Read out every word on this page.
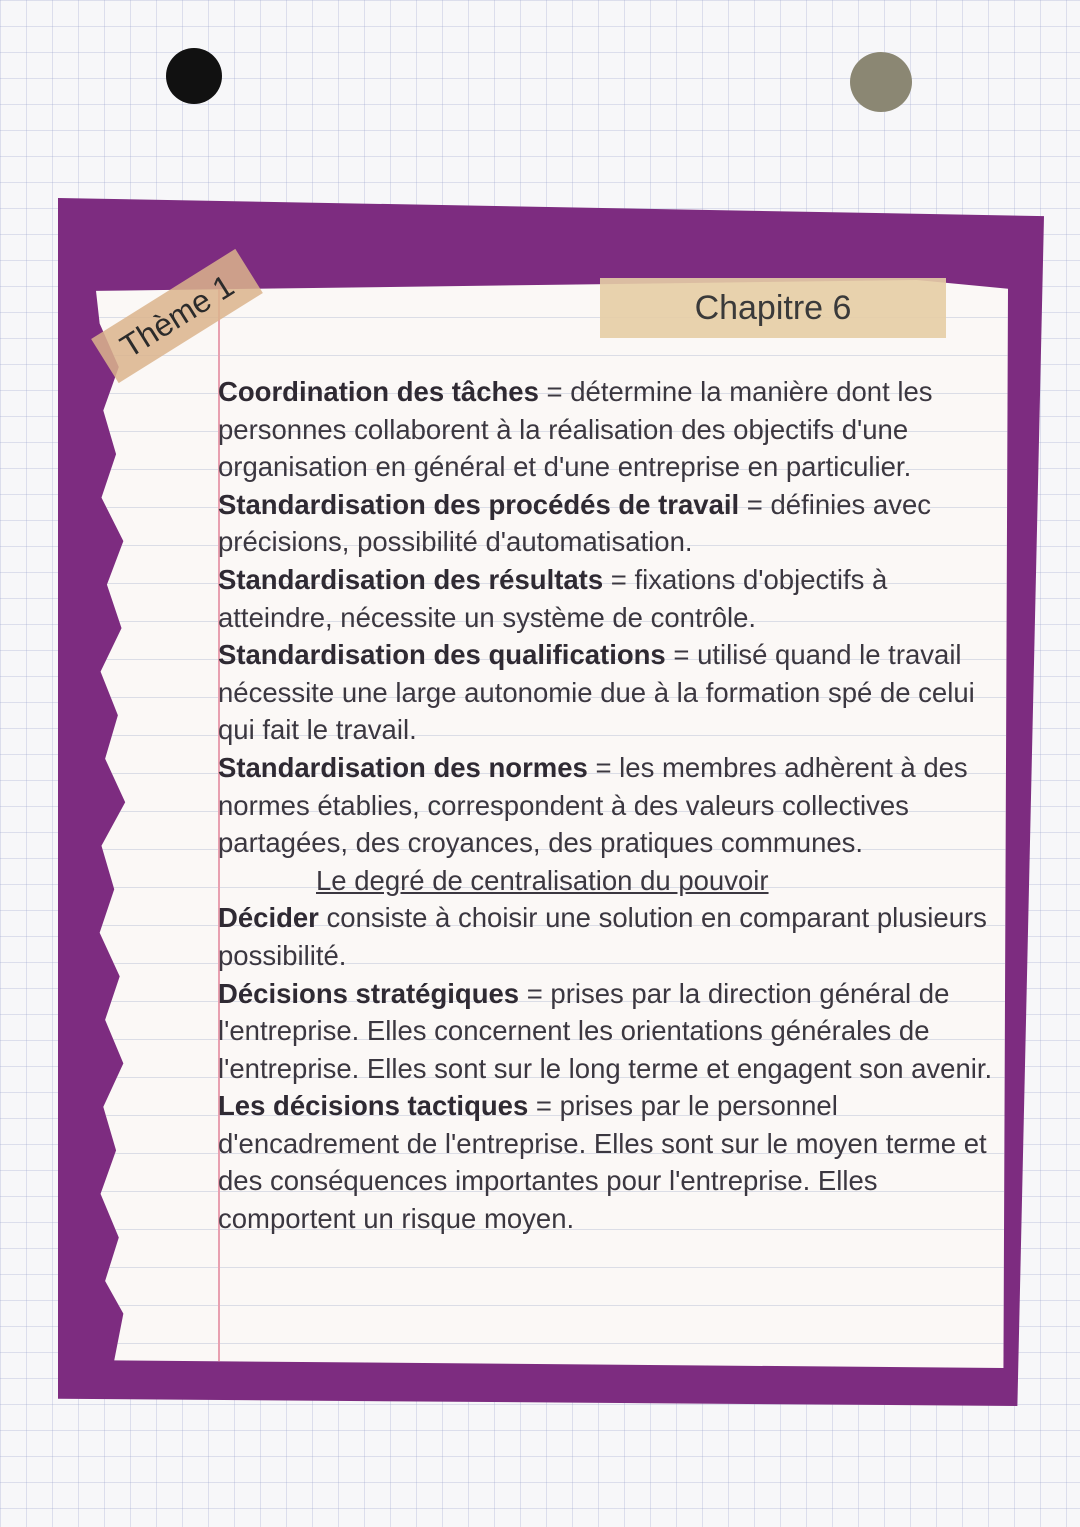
Thème 1	Chapitre 6

Coordination des tâches = détermine la manière dont les personnes collaborent à la réalisation des objectifs d'une organisation en général et d'une entreprise en particulier.

Standardisation des procédés de travail = définies avec précisions, possibilité d'automatisation.

Standardisation des résultats = fixations d'objectifs à atteindre, nécessite un système de contrôle.

Standardisation des qualifications = utilisé quand le travail nécessite une large autonomie due à la formation spé de celui qui fait le travail.

Standardisation des normes = les membres adhèrent à des normes établies, correspondent à des valeurs collectives partagées, des croyances, des pratiques communes.

Le degré de centralisation du pouvoir

Décider consiste à choisir une solution en comparant plusieurs possibilité.

Décisions stratégiques = prises par la direction général de l'entreprise. Elles concernent les orientations générales de l'entreprise. Elles sont sur le long terme et engagent son avenir.

Les décisions tactiques = prises par le personnel d'encadrement de l'entreprise. Elles sont sur le moyen terme et des conséquences importantes pour l'entreprise. Elles comportent un risque moyen.
